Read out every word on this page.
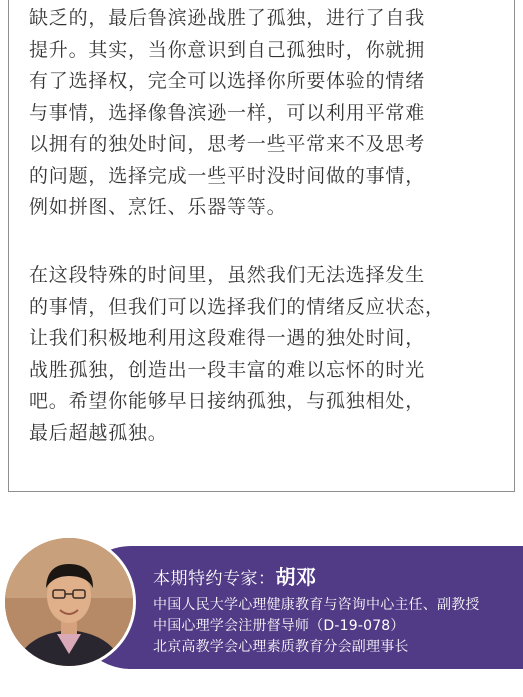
缺乏的，最后鲁滨逊战胜了孤独，进行了自我
提升。其实，当你意识到自己孤独时，你就拥
有了选择权，完全可以选择你所要体验的情绪
与事情，选择像鲁滨逊一样，可以利用平常难
以拥有的独处时间，思考一些平常来不及思考
的问题，选择完成一些平时没时间做的事情，
例如拼图、烹饪、乐器等等。

在这段特殊的时间里，虽然我们无法选择发生
的事情，但我们可以选择我们的情绪反应状态，
让我们积极地利用这段难得一遇的独处时间，
战胜孤独，创造出一段丰富的难以忘怀的时光
吧。希望你能够早日接纳孤独，与孤独相处，
最后超越孤独。

本期特约专家：胡邓
中国人民大学心理健康教育与咨询中心主任、副教授
中国心理学会注册督导师（D-19-078）
北京高教学会心理素质教育分会副理事长
